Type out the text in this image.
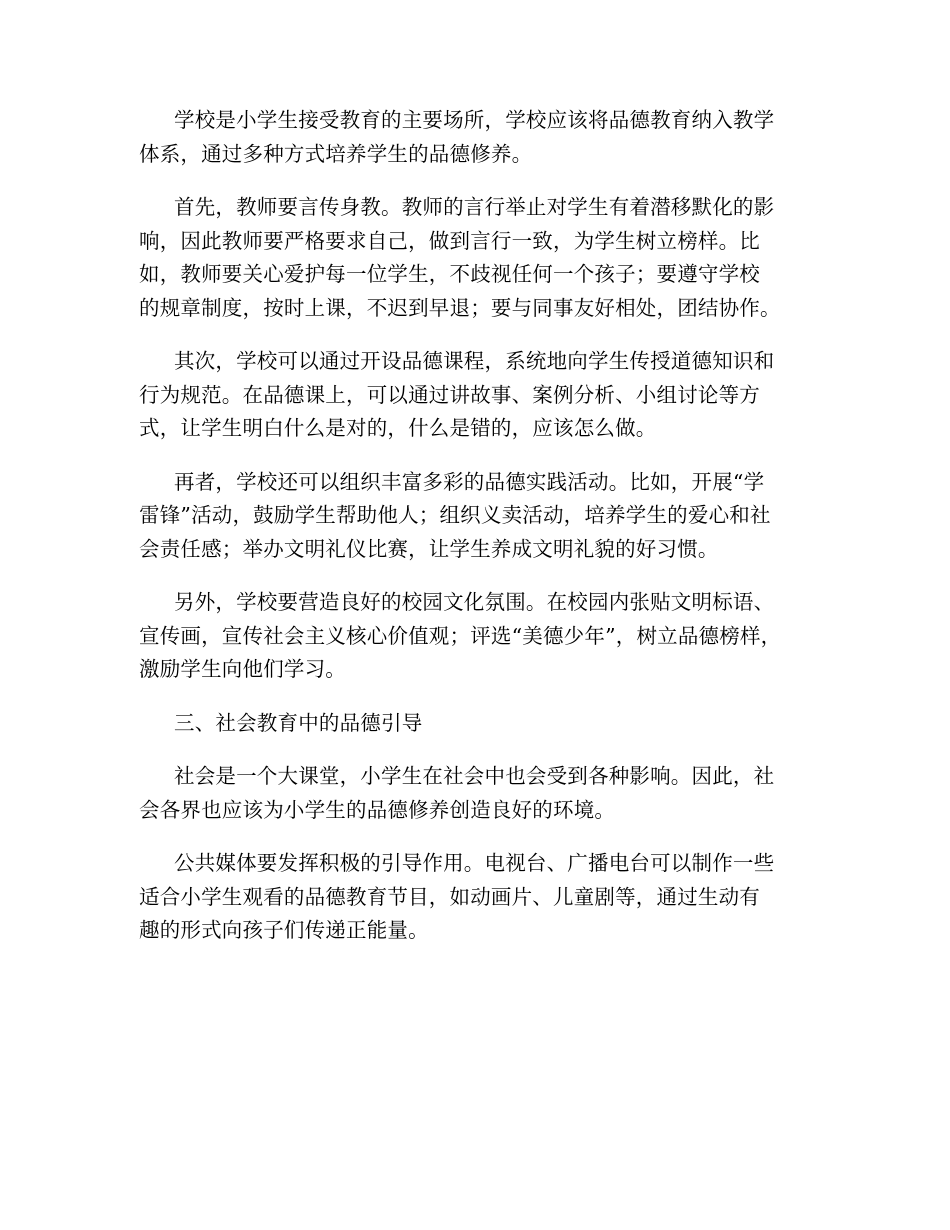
学校是小学生接受教育的主要场所，学校应该将品德教育纳入教学
体系，通过多种方式培养学生的品德修养。

首先，教师要言传身教。教师的言行举止对学生有着潜移默化的影
响，因此教师要严格要求自己，做到言行一致，为学生树立榜样。比
如，教师要关心爱护每一位学生，不歧视任何一个孩子；要遵守学校
的规章制度，按时上课，不迟到早退；要与同事友好相处，团结协作。

其次，学校可以通过开设品德课程，系统地向学生传授道德知识和
行为规范。在品德课上，可以通过讲故事、案例分析、小组讨论等方
式，让学生明白什么是对的，什么是错的，应该怎么做。

再者，学校还可以组织丰富多彩的品德实践活动。比如，开展“学
雷锋”活动，鼓励学生帮助他人；组织义卖活动，培养学生的爱心和社
会责任感；举办文明礼仪比赛，让学生养成文明礼貌的好习惯。

另外，学校要营造良好的校园文化氛围。在校园内张贴文明标语、
宣传画，宣传社会主义核心价值观；评选“美德少年”，树立品德榜样，
激励学生向他们学习。

三、社会教育中的品德引导

社会是一个大课堂，小学生在社会中也会受到各种影响。因此，社
会各界也应该为小学生的品德修养创造良好的环境。

公共媒体要发挥积极的引导作用。电视台、广播电台可以制作一些
适合小学生观看的品德教育节目，如动画片、儿童剧等，通过生动有
趣的形式向孩子们传递正能量。
